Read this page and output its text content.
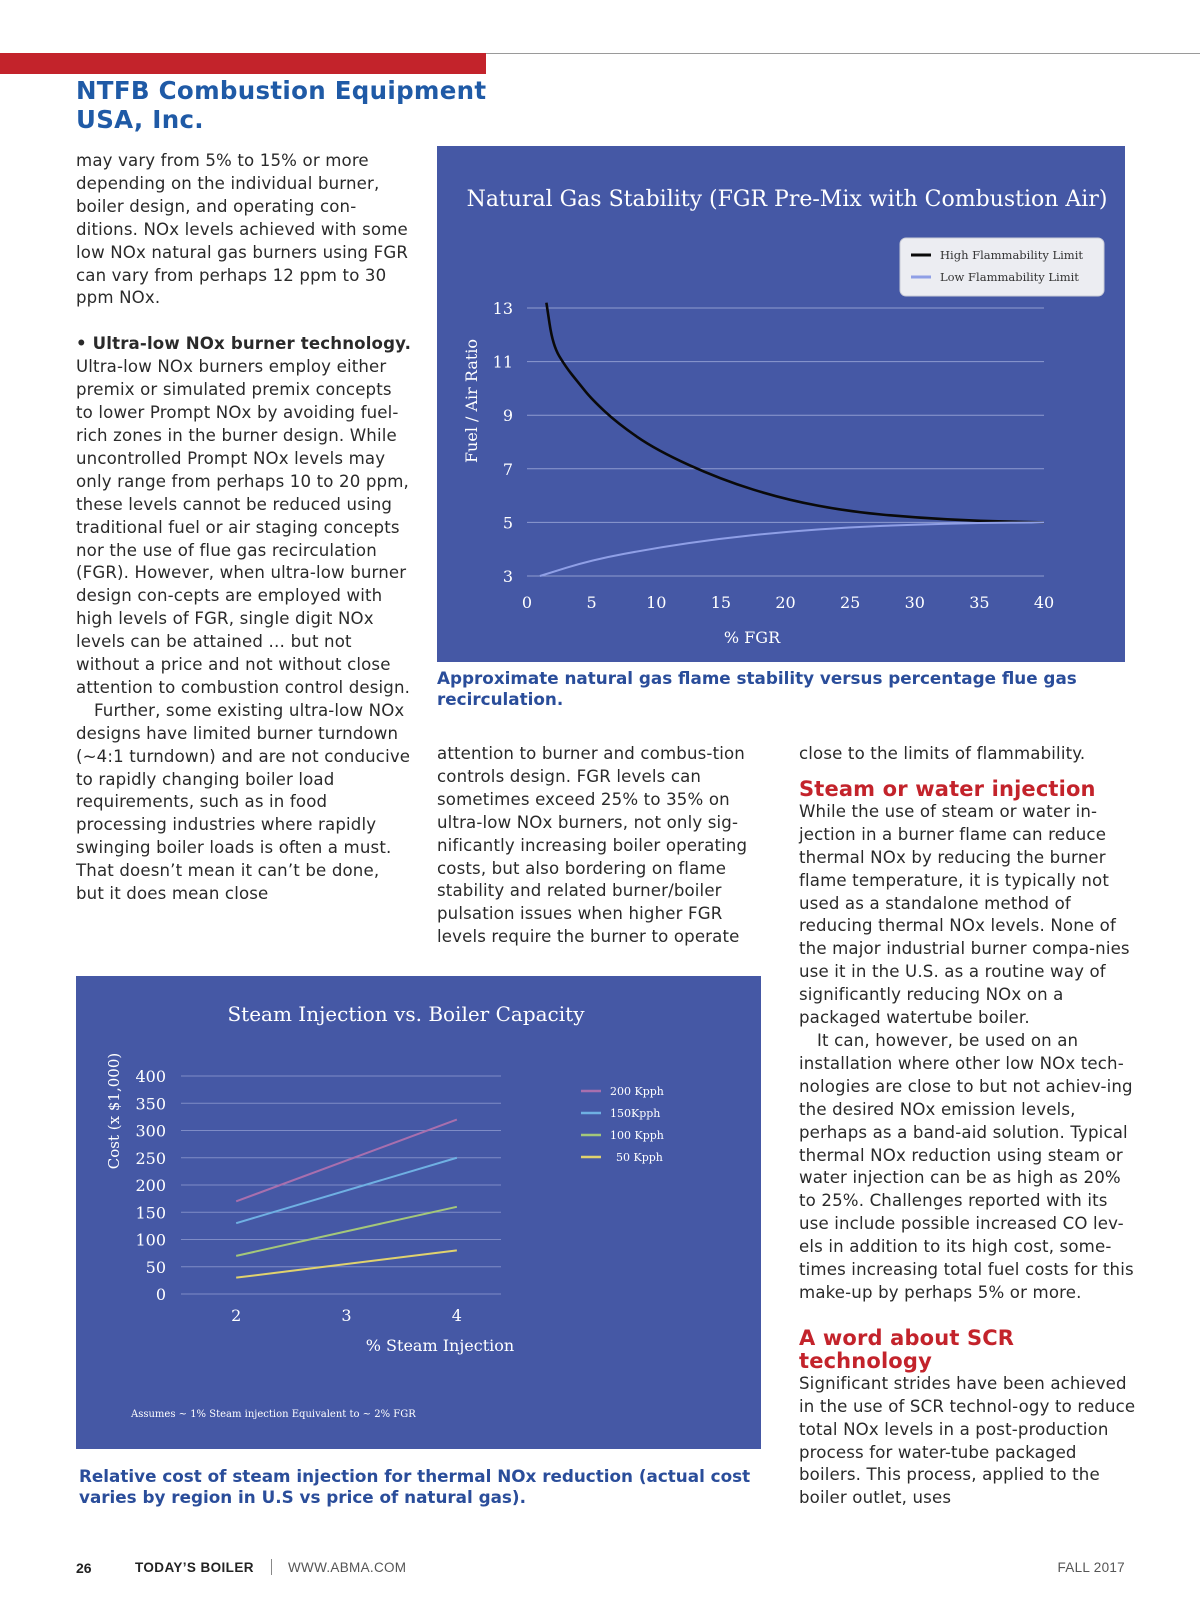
NTFB Combustion Equipment USA, Inc.

may vary from 5% to 15% or more depending on the individual burner, boiler design, and operating con-ditions. NOx levels achieved with some low NOx natural gas burners using FGR can vary from perhaps 12 ppm to 30 ppm NOx.

• Ultra-low NOx burner technology.

Ultra-low NOx burners employ either premix or simulated premix concepts to lower Prompt NOx by avoiding fuel-rich zones in the burner design. While uncontrolled Prompt NOx levels may only range from perhaps 10 to 20 ppm, these levels cannot be reduced using traditional fuel or air staging concepts nor the use of flue gas recirculation (FGR). However, when ultra-low burner design con-cepts are employed with high levels of FGR, single digit NOx levels can be attained … but not without a price and not without close attention to combustion control design.

Further, some existing ultra-low NOx designs have limited burner turndown (~4:1 turndown) and are not conducive to rapidly changing boiler load requirements, such as in food processing industries where rapidly swinging boiler loads is often a must. That doesn’t mean it can’t be done, but it does mean close

Natural Gas Stability (FGR Pre-Mix with Combustion Air)
3
5
7
9
11
13
0	5	10	15	20	25	30	35	40
High Flammability Limit
Low Flammability Limit
Fuel / Air Ratio
% FGR

Approximate natural gas flame stability versus percentage flue gas recirculation.

attention to burner and combus-tion controls design. FGR levels can sometimes exceed 25% to 35% on ultra-low NOx burners, not only sig-nificantly increasing boiler operating costs, but also bordering on flame stability and related burner/boiler pulsation issues when higher FGR levels require the burner to operate

close to the limits of flammability.

Steam or water injection

While the use of steam or water in-jection in a burner flame can reduce thermal NOx by reducing the burner flame temperature, it is typically not used as a standalone method of reducing thermal NOx levels. None of the major industrial burner compa-nies use it in the U.S. as a routine way of significantly reducing NOx on a packaged watertube boiler.

It can, however, be used on an installation where other low NOx tech-nologies are close to but not achiev-ing the desired NOx emission levels, perhaps as a band-aid solution. Typical thermal NOx reduction using steam or water injection can be as high as 20% to 25%. Challenges reported with its use include possible increased CO lev-els in addition to its high cost, some-times increasing total fuel costs for this make-up by perhaps 5% or more.

A word about SCR technology

Significant strides have been achieved in the use of SCR technol-ogy to reduce total NOx levels in a post-production process for water-tube packaged boilers. This process, applied to the boiler outlet, uses

Steam Injection vs. Boiler Capacity
0
50
100
150
200
250
300
350
400
2	3	4
200 Kpph
150Kpph
100 Kpph
50 Kpph
Cost (x $1,000)
% Steam Injection
Assumes ~ 1% Steam injection Equivalent to ~ 2% FGR

Relative cost of steam injection for thermal NOx reduction (actual cost varies by region in U.S vs price of natural gas).

26	TODAY’S BOILER	WWW.ABMA.COM	FALL 2017
